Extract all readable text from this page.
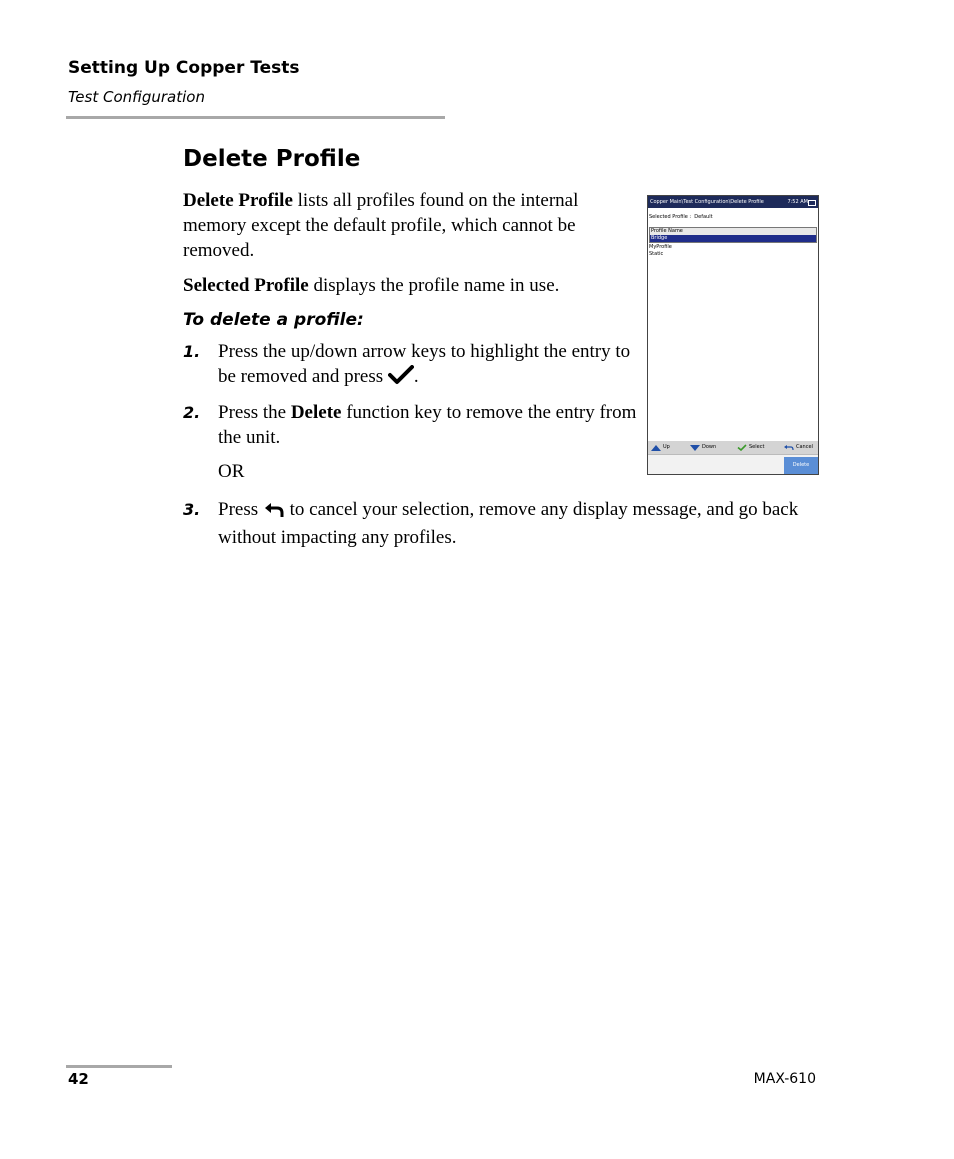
Setting Up Copper Tests
Test Configuration
Delete Profile

Delete Profile lists all profiles found on the internal memory except the default profile, which cannot be removed.

Selected Profile displays the profile name in use.

To delete a profile:
1. Press the up/down arrow keys to highlight the entry to be removed and press .
2. Press the Delete function key to remove the entry from the unit.
OR
3. Press  to cancel your selection, remove any display message, and go back without impacting any profiles.
Copper Main\Test Configuration\Delete Profile	7:52 AM
Selected Profile : Default
Profile Name
Bridge
MyProfile
Static
Up	Down	Select	Cancel
Delete
42	MAX-610
